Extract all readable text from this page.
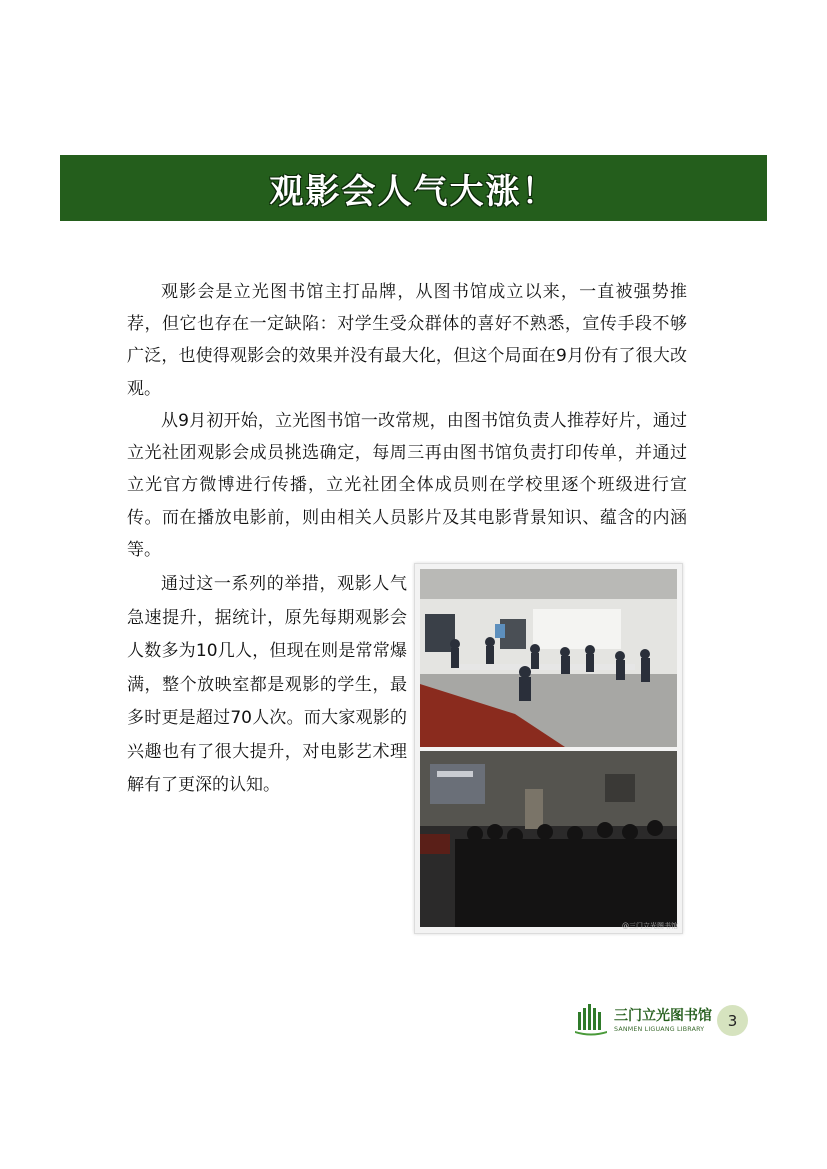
观影会人气大涨！

观影会是立光图书馆主打品牌，从图书馆成立以来，一直被强势推荐，但它也存在一定缺陷：对学生受众群体的喜好不熟悉，宣传手段不够广泛，也使得观影会的效果并没有最大化，但这个局面在9月份有了很大改观。

从9月初开始，立光图书馆一改常规，由图书馆负责人推荐好片，通过立光社团观影会成员挑选确定，每周三再由图书馆负责打印传单，并通过立光官方微博进行传播，立光社团全体成员则在学校里逐个班级进行宣传。而在播放电影前，则由相关人员影片及其电影背景知识、蕴含的内涵等。

通过这一系列的举措，观影人气急速提升，据统计，原先每期观影会人数多为10几人，但现在则是常常爆满，整个放映室都是观影的学生，最多时更是超过70人次。而大家观影的兴趣也有了很大提升，对电影艺术理解有了更深的认知。

@三门立光图书馆
三门立光图书馆
SANMEN LIGUANG LIBRARY	3
